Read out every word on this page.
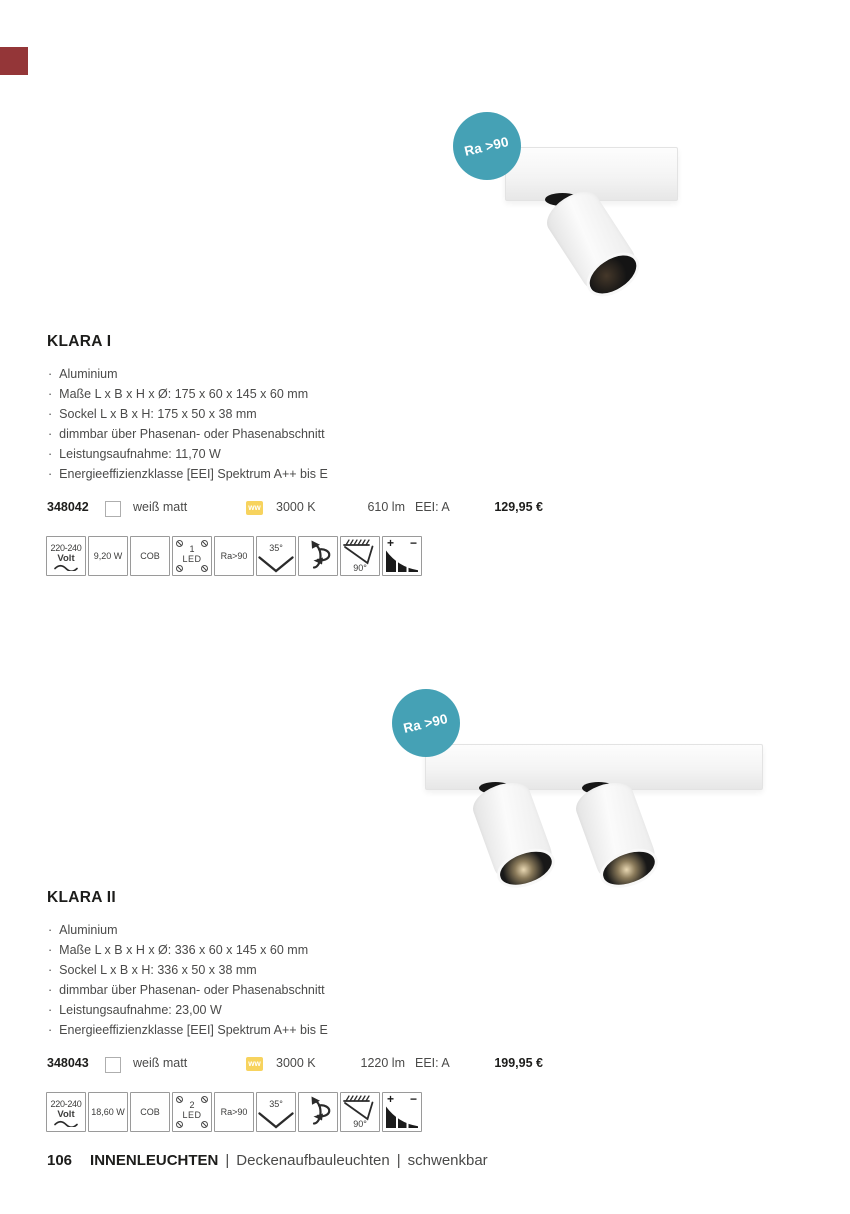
Ra >90
KLARA I
· Aluminium
· Maße L x B x H x Ø: 175 x 60 x 145 x 60 mm
· Sockel L x B x H: 175 x 50 x 38 mm
· dimmbar über Phasenan- oder Phasenabschnitt
· Leistungsaufnahme: 11,70 W
· Energieeffizienzklasse [EEI] Spektrum A++ bis E
348042	weiß matt	ww 3000 K	610 lm EEI: A	129,95 €
220-240
Volt	9,20 W	COB
1
LED	Ra>90
35°
90°
+ −
Ra >90
KLARA II
· Aluminium
· Maße L x B x H x Ø: 336 x 60 x 145 x 60 mm
· Sockel L x B x H: 336 x 50 x 38 mm
· dimmbar über Phasenan- oder Phasenabschnitt
· Leistungsaufnahme: 23,00 W
· Energieeffizienzklasse [EEI] Spektrum A++ bis E
348043	weiß matt	ww 3000 K	1220 lm EEI: A	199,95 €
220-240
Volt	18,60 W	COB
2
LED	Ra>90
35°
90°
+ −
106 INNENLEUCHTEN | Deckenaufbauleuchten | schwenkbar
